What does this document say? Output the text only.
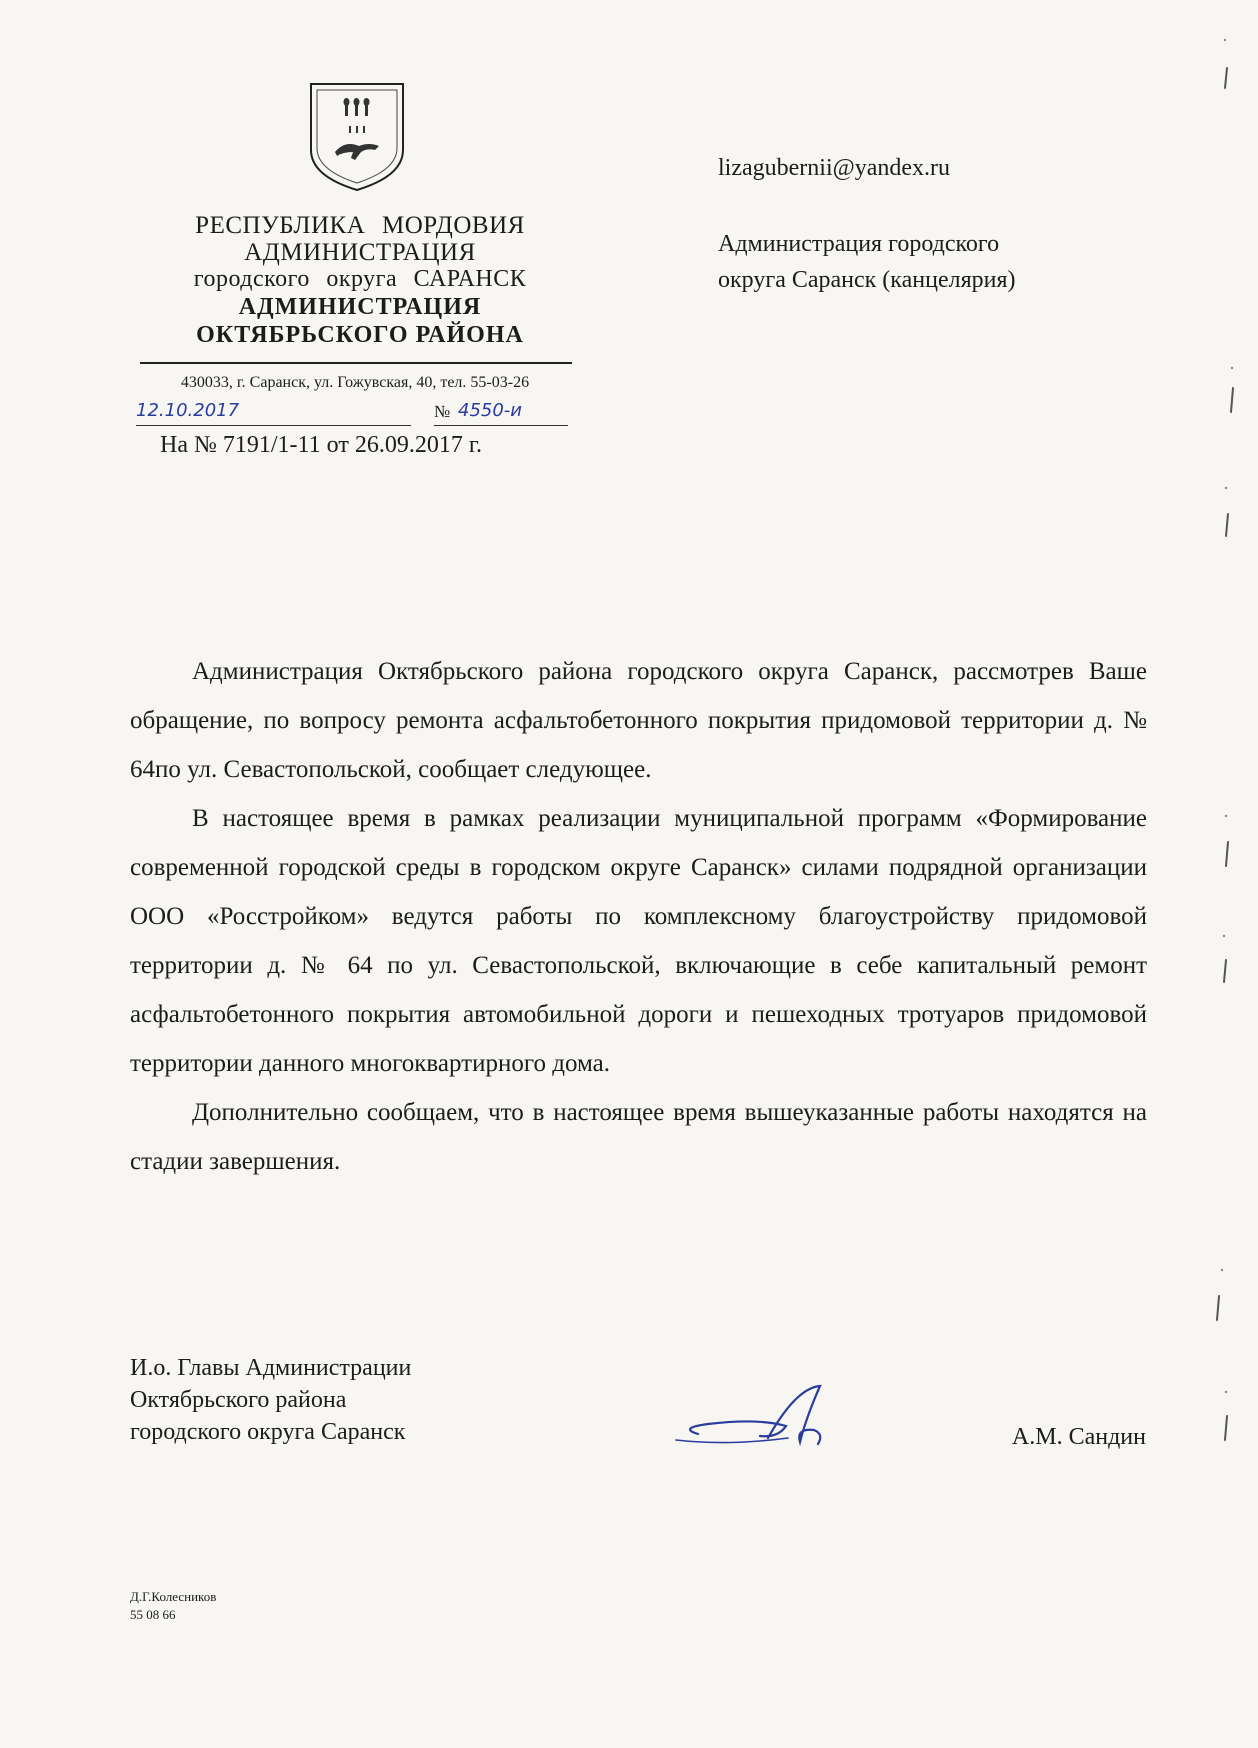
РЕСПУБЛИКА МОРДОВИЯ
АДМИНИСТРАЦИЯ
городского округа САРАНСК
АДМИНИСТРАЦИЯ
ОКТЯБРЬСКОГО РАЙОНА
430033, г. Саранск, ул. Гожувская, 40, тел. 55-03-26
12.10.2017	№ 4550-и
На № 7191/1-11 от 26.09.2017 г.
lizagubernii@yandex.ru
Администрация городского
округа Саранск (канцелярия)

Администрация Октябрьского района городского округа Саранск, рассмотрев Ваше обращение, по вопросу ремонта асфальтобетонного покрытия придомовой территории д. № 64по ул. Севастопольской, сообщает следующее.

В настоящее время в рамках реализации муниципальной программ «Формирование современной городской среды в городском округе Саранск» силами подрядной организации ООО «Росстройком» ведутся работы по комплексному благоустройству придомовой территории д. № 64 по ул. Севастопольской, включающие в себе капитальный ремонт асфальтобетонного покрытия автомобильной дороги и пешеходных тротуаров придомовой территории данного многоквартирного дома.

Дополнительно сообщаем, что в настоящее время вышеуказанные работы находятся на стадии завершения.

И.о. Главы Администрации
Октябрьского района
городского округа Саранск	А.М. Сандин
Д.Г.Колесников
55 08 66
